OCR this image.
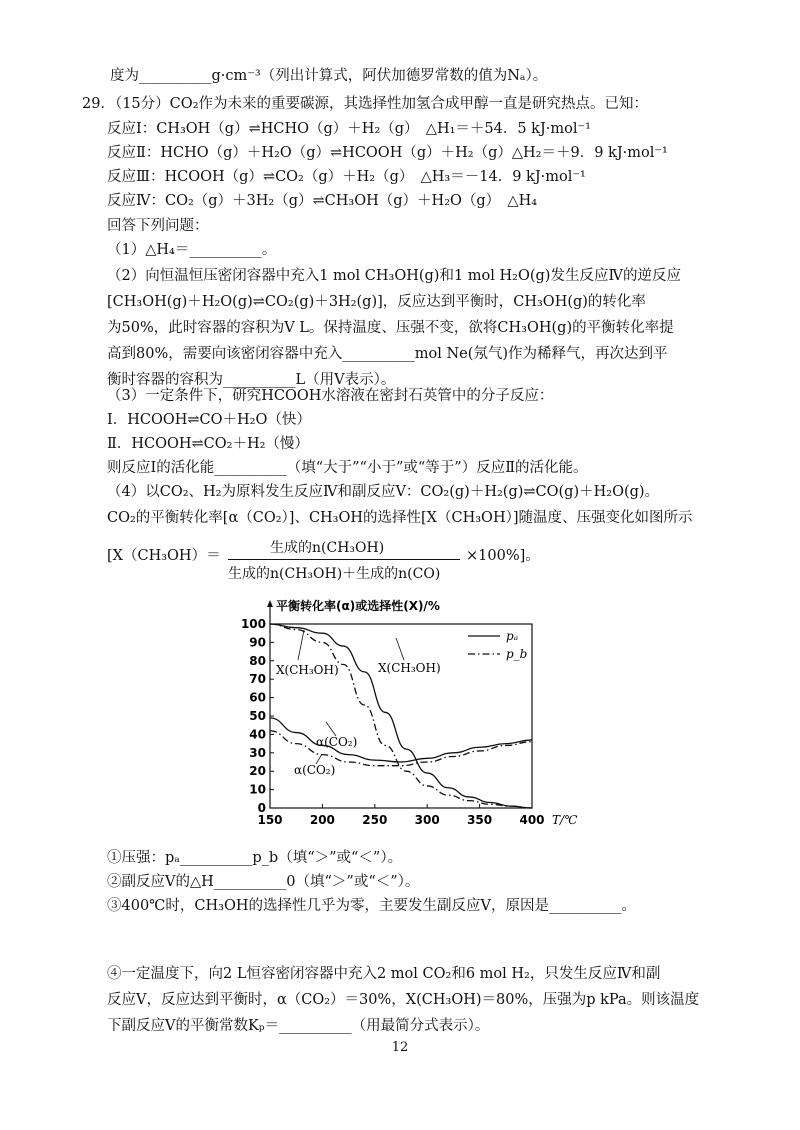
度为__________g·cm⁻³（列出计算式，阿伏加德罗常数的值为Nₐ）。
29．（15分）CO₂作为未来的重要碳源，其选择性加氢合成甲醇一直是研究热点。已知：
反应Ⅰ：CH₃OH（g）⇌HCHO（g）＋H₂（g）　△H₁＝＋54．5 kJ·mol⁻¹
反应Ⅱ：HCHO（g）＋H₂O（g）⇌HCOOH（g）＋H₂（g）△H₂＝＋9．9 kJ·mol⁻¹
反应Ⅲ：HCOOH（g）⇌CO₂（g）＋H₂（g）　△H₃＝－14．9 kJ·mol⁻¹
反应Ⅳ：CO₂（g）＋3H₂（g）⇌CH₃OH（g）＋H₂O（g）　△H₄
回答下列问题：
（1）△H₄＝__________。
（2）向恒温恒压密闭容器中充入1 mol CH₃OH(g)和1 mol H₂O(g)发生反应Ⅳ的逆反应
[CH₃OH(g)＋H₂O(g)⇌CO₂(g)＋3H₂(g)]，反应达到平衡时，CH₃OH(g)的转化率
为50%，此时容器的容积为V L。保持温度、压强不变，欲将CH₃OH(g)的平衡转化率提
高到80%，需要向该密闭容器中充入__________mol Ne(氖气)作为稀释气，再次达到平
衡时容器的容积为__________L（用V表示）。
（3）一定条件下，研究HCOOH水溶液在密封石英管中的分子反应：
Ⅰ．HCOOH⇌CO＋H₂O（快）
Ⅱ．HCOOH⇌CO₂＋H₂（慢）
则反应Ⅰ的活化能__________（填“大于”“小于”或“等于”）反应Ⅱ的活化能。
（4）以CO₂、H₂为原料发生反应Ⅳ和副反应Ⅴ：CO₂(g)＋H₂(g)⇌CO(g)＋H₂O(g)。
CO₂的平衡转化率[α（CO₂）]、CH₃OH的选择性[X（CH₃OH）]随温度、压强变化如图所示
[X（CH₃OH）＝	生成的n(CH₃OH)
生成的n(CH₃OH)＋生成的n(CO)
×100%]。
平衡转化率(α)或选择性(X)/%
0
10
20
30
40
50
60
70
80
90
100
150 200 250 300 350 400 T/℃
pₐ
p_b
X(CH₃OH)	X(CH₃OH)
α(CO₂)
α(CO₂)
①压强：pₐ__________p_b（填“＞”或“＜”）。
②副反应Ⅴ的△H__________0（填“＞”或“＜”）。
③400℃时，CH₃OH的选择性几乎为零，主要发生副反应Ⅴ，原因是__________。
④一定温度下，向2 L恒容密闭容器中充入2 mol CO₂和6 mol H₂，只发生反应Ⅳ和副
反应Ⅴ，反应达到平衡时，α（CO₂）＝30%，X(CH₃OH)＝80%，压强为p kPa。则该温度
下副反应Ⅴ的平衡常数Kₚ＝__________（用最简分式表示）。
12
